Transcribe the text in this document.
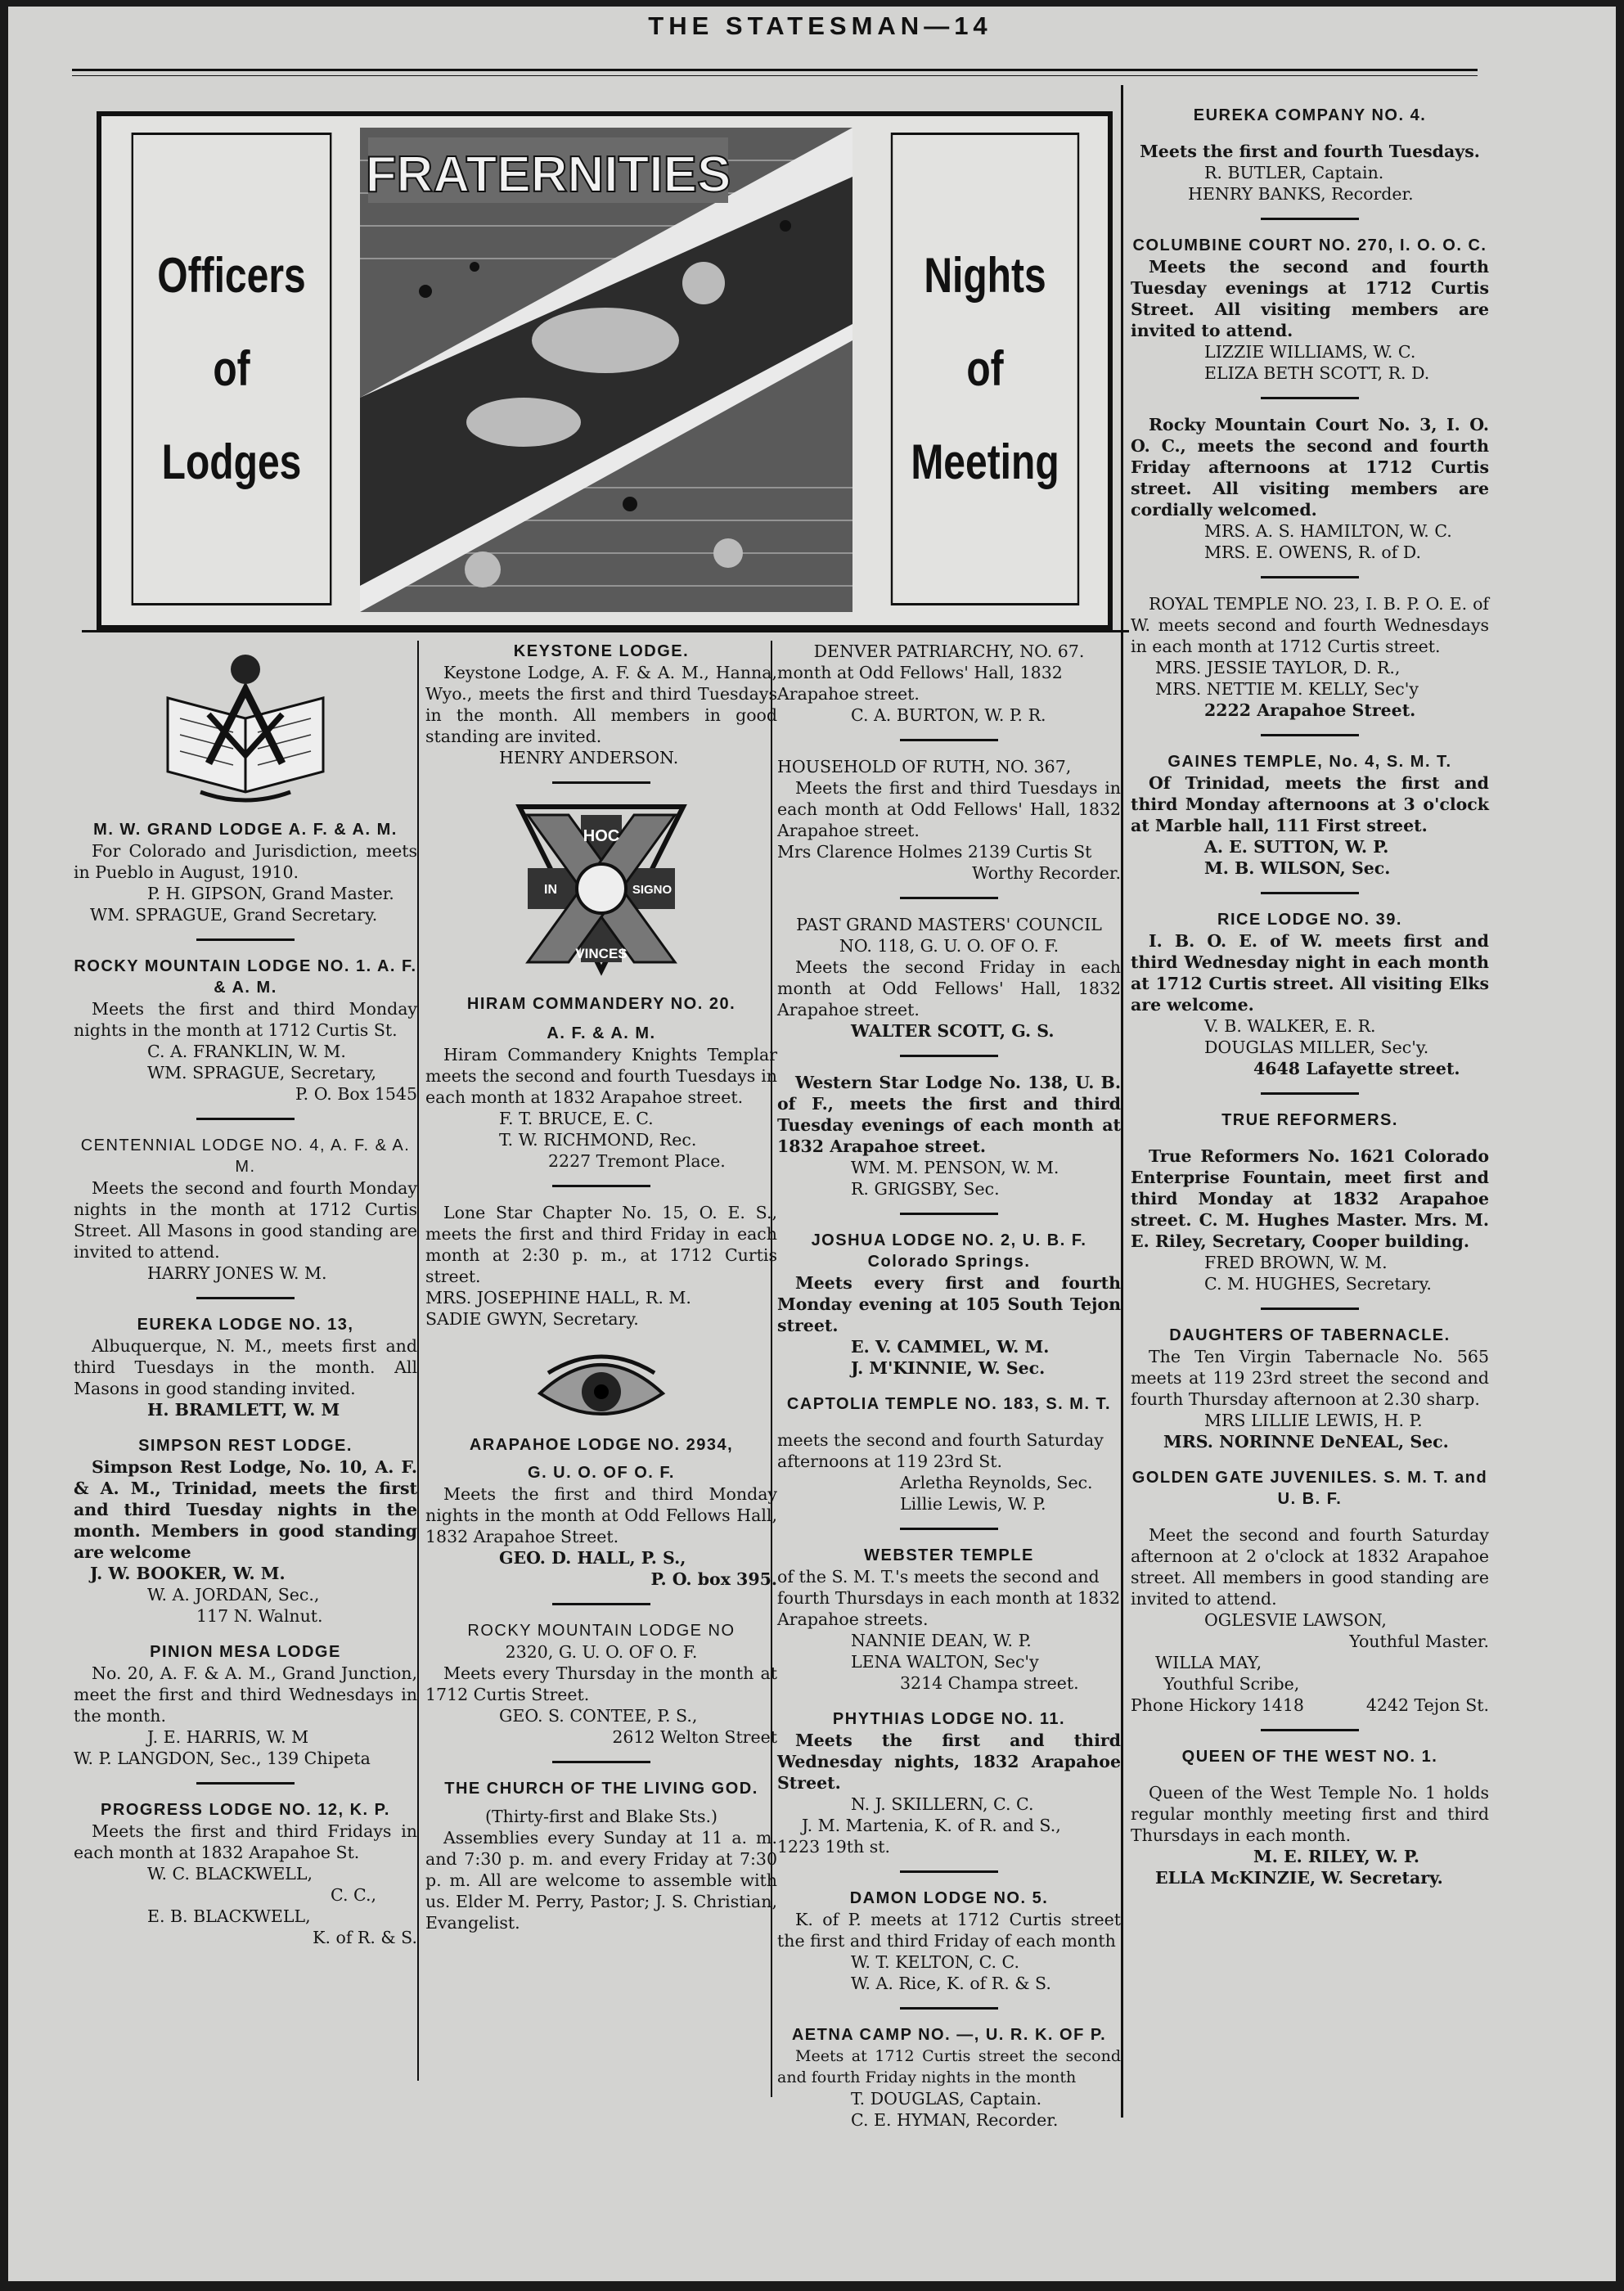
THE STATESMAN—14
Officers
of
Lodges
FRATERNITIES
Nights
of
Meeting

M. W. GRAND LODGE A. F. & A. M.

For Colorado and Jurisdiction, meets in Pueblo in August, 1910.

P. H. GIPSON, Grand Master.

WM. SPRAGUE, Grand Secretary.

ROCKY MOUNTAIN LODGE NO. 1. A. F. & A. M.

Meets the first and third Monday nights in the month at 1712 Curtis St.

C. A. FRANKLIN, W. M.

WM. SPRAGUE, Secretary,

P. O. Box 1545

CENTENNIAL LODGE NO. 4, A. F. & A. M.

Meets the second and fourth Monday nights in the month at 1712 Curtis Street. All Masons in good standing are invited to attend.

HARRY JONES W. M.

EUREKA LODGE NO. 13,

Albuquerque, N. M., meets first and third Tuesdays in the month. All Masons in good standing invited.

H. BRAMLETT, W. M

SIMPSON REST LODGE.

Simpson Rest Lodge, No. 10, A. F. & A. M., Trinidad, meets the first and third Tuesday nights in the month. Members in good standing are welcome

J. W. BOOKER, W. M.

W. A. JORDAN, Sec.,

117 N. Walnut.

PINION MESA LODGE

No. 20, A. F. & A. M., Grand Junction, meet the first and third Wednesdays in the month.

J. E. HARRIS, W. M

W. P. LANGDON, Sec., 139 Chipeta

PROGRESS LODGE NO. 12, K. P.

Meets the first and third Fridays in each month at 1832 Arapahoe St.

W. C. BLACKWELL,

C. C.,

E. B. BLACKWELL,

K. of R. & S.

KEYSTONE LODGE.

Keystone Lodge, A. F. & A. M., Hanna, Wyo., meets the first and third Tuesdays in the month. All members in good standing are invited.

HENRY ANDERSON.

HOC
IN	SIGNO
VINCES

HIRAM COMMANDERY NO. 20.

A. F. & A. M.

Hiram Commandery Knights Templar meets the second and fourth Tuesdays in each month at 1832 Arapahoe street.

F. T. BRUCE, E. C.

T. W. RICHMOND, Rec.

2227 Tremont Place.

Lone Star Chapter No. 15, O. E. S., meets the first and third Friday in each month at 2:30 p. m., at 1712 Curtis street.

MRS. JOSEPHINE HALL, R. M.

SADIE GWYN, Secretary.

ARAPAHOE LODGE NO. 2934,

G. U. O. OF O. F.

Meets the first and third Monday nights in the month at Odd Fellows Hall, 1832 Arapahoe Street.

GEO. D. HALL, P. S.,

P. O. box 395.

ROCKY MOUNTAIN LODGE NO

2320, G. U. O. OF O. F.

Meets every Thursday in the month at 1712 Curtis Street.

GEO. S. CONTEE, P. S.,

2612 Welton Street

THE CHURCH OF THE LIVING GOD.

(Thirty-first and Blake Sts.)

Assemblies every Sunday at 11 a. m. and 7:30 p. m. and every Friday at 7:30 p. m. All are welcome to assemble with us. Elder M. Perry, Pastor; J. S. Christian, Evangelist.

DENVER PATRIARCHY, NO. 67.

month at Odd Fellows' Hall, 1832 Arapahoe street.

C. A. BURTON, W. P. R.

HOUSEHOLD OF RUTH, NO. 367,

Meets the first and third Tuesdays in each month at Odd Fellows' Hall, 1832 Arapahoe street.

Mrs Clarence Holmes 2139 Curtis St

Worthy Recorder.

PAST GRAND MASTERS' COUNCIL NO. 118, G. U. O. OF O. F.

Meets the second Friday in each month at Odd Fellows' Hall, 1832 Arapahoe street.

WALTER SCOTT, G. S.

Western Star Lodge No. 138, U. B. of F., meets the first and third Tuesday evenings of each month at 1832 Arapahoe street.

WM. M. PENSON, W. M.

R. GRIGSBY, Sec.

JOSHUA LODGE NO. 2, U. B. F. Colorado Springs.

Meets every first and fourth Monday evening at 105 South Tejon street.

E. V. CAMMEL, W. M.

J. M'KINNIE, W. Sec.

CAPTOLIA TEMPLE NO. 183, S. M. T.

meets the second and fourth Saturday afternoons at 119 23rd St.

Arletha Reynolds, Sec.

Lillie Lewis, W. P.

WEBSTER TEMPLE

of the S. M. T.'s meets the second and fourth Thursdays in each month at 1832 Arapahoe streets.

NANNIE DEAN, W. P.

LENA WALTON, Sec'y

3214 Champa street.

PHYTHIAS LODGE NO. 11.

Meets the first and third Wednesday nights, 1832 Arapahoe Street.

N. J. SKILLERN, C. C.

J. M. Martenia, K. of R. and S.,

1223 19th st.

DAMON LODGE NO. 5.

K. of P. meets at 1712 Curtis street the first and third Friday of each month

W. T. KELTON, C. C.

W. A. Rice, K. of R. & S.

AETNA CAMP NO. —, U. R. K. OF P.

Meets at 1712 Curtis street the second and fourth Friday nights in the month

T. DOUGLAS, Captain.

C. E. HYMAN, Recorder.

EUREKA COMPANY NO. 4.

Meets the first and fourth Tuesdays.

R. BUTLER, Captain.

HENRY BANKS, Recorder.

COLUMBINE COURT NO. 270, I. O. O. C.

Meets the second and fourth Tuesday evenings at 1712 Curtis Street. All visiting members are invited to attend.

LIZZIE WILLIAMS, W. C.

ELIZA BETH SCOTT, R. D.

Rocky Mountain Court No. 3, I. O. O. C., meets the second and fourth Friday afternoons at 1712 Curtis street. All visiting members are cordially welcomed.

MRS. A. S. HAMILTON, W. C.

MRS. E. OWENS, R. of D.

ROYAL TEMPLE NO. 23, I. B. P. O. E. of W. meets second and fourth Wednesdays in each month at 1712 Curtis street.

MRS. JESSIE TAYLOR, D. R.,

MRS. NETTIE M. KELLY, Sec'y

2222 Arapahoe Street.

GAINES TEMPLE, No. 4, S. M. T.

Of Trinidad, meets the first and third Monday afternoons at 3 o'clock at Marble hall, 111 First street.

A. E. SUTTON, W. P.

M. B. WILSON, Sec.

RICE LODGE NO. 39.

I. B. O. E. of W. meets first and third Wednesday night in each month at 1712 Curtis street. All visiting Elks are welcome.

V. B. WALKER, E. R.

DOUGLAS MILLER, Sec'y.

4648 Lafayette street.

TRUE REFORMERS.

True Reformers No. 1621 Colorado Enterprise Fountain, meet first and third Monday at 1832 Arapahoe street. C. M. Hughes Master. Mrs. M. E. Riley, Secretary, Cooper building.

FRED BROWN, W. M.

C. M. HUGHES, Secretary.

DAUGHTERS OF TABERNACLE.

The Ten Virgin Tabernacle No. 565 meets at 119 23rd street the second and fourth Thursday afternoon at 2.30 sharp.

MRS LILLIE LEWIS, H. P.

MRS. NORINNE DeNEAL, Sec.

GOLDEN GATE JUVENILES. S. M. T. and U. B. F.

Meet the second and fourth Saturday afternoon at 2 o'clock at 1832 Arapahoe street. All members in good standing are invited to attend.

OGLESVIE LAWSON,

Youthful Master.

WILLA MAY,

Youthful Scribe,

Phone Hickory 1418	4242 Tejon St.

QUEEN OF THE WEST NO. 1.

Queen of the West Temple No. 1 holds regular monthly meeting first and third Thursdays in each month.

M. E. RILEY, W. P.

ELLA McKINZIE, W. Secretary.
